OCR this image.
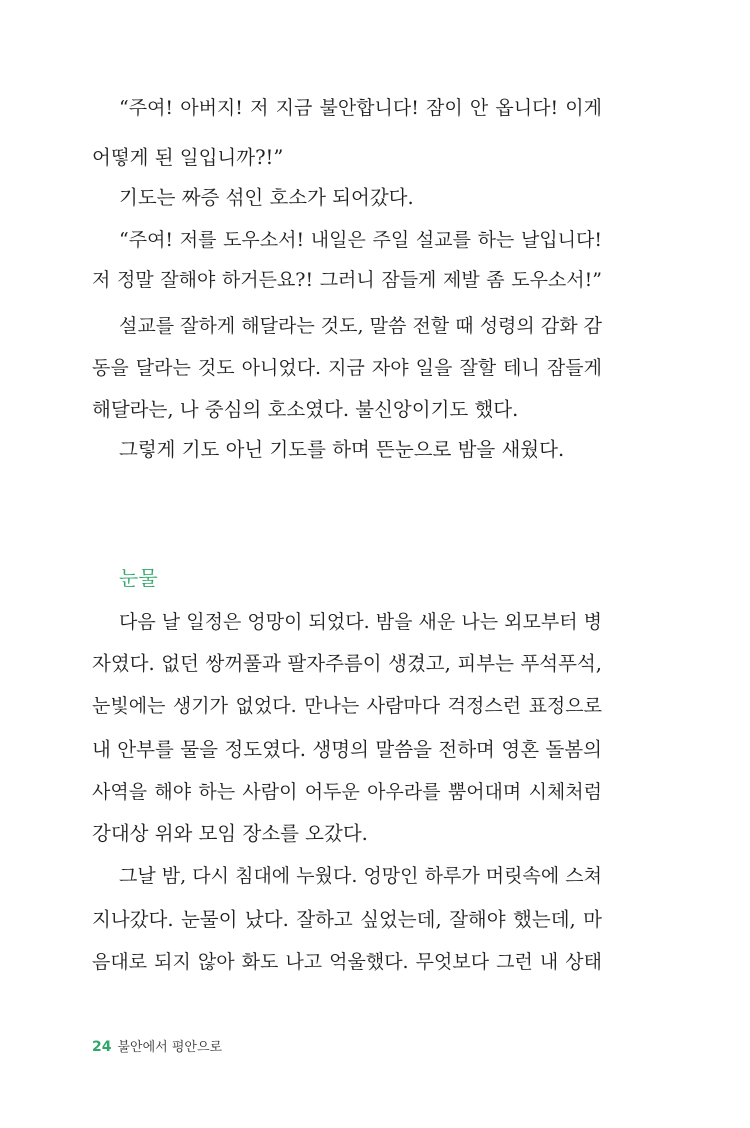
“주여! 아버지! 저 지금 불안합니다! 잠이 안 옵니다! 이게
어떻게 된 일입니까?!”
기도는 짜증 섞인 호소가 되어갔다.
“주여! 저를 도우소서! 내일은 주일 설교를 하는 날입니다!
저 정말 잘해야 하거든요?! 그러니 잠들게 제발 좀 도우소서!”
설교를 잘하게 해달라는 것도, 말씀 전할 때 성령의 감화 감
동을 달라는 것도 아니었다. 지금 자야 일을 잘할 테니 잠들게
해달라는, 나 중심의 호소였다. 불신앙이기도 했다.
그렇게 기도 아닌 기도를 하며 뜬눈으로 밤을 새웠다.
눈물
다음 날 일정은 엉망이 되었다. 밤을 새운 나는 외모부터 병
자였다. 없던 쌍꺼풀과 팔자주름이 생겼고, 피부는 푸석푸석,
눈빛에는 생기가 없었다. 만나는 사람마다 걱정스런 표정으로
내 안부를 물을 정도였다. 생명의 말씀을 전하며 영혼 돌봄의
사역을 해야 하는 사람이 어두운 아우라를 뿜어대며 시체처럼
강대상 위와 모임 장소를 오갔다.
그날 밤, 다시 침대에 누웠다. 엉망인 하루가 머릿속에 스쳐
지나갔다. 눈물이 났다. 잘하고 싶었는데, 잘해야 했는데, 마
음대로 되지 않아 화도 나고 억울했다. 무엇보다 그런 내 상태
24 불안에서 평안으로
